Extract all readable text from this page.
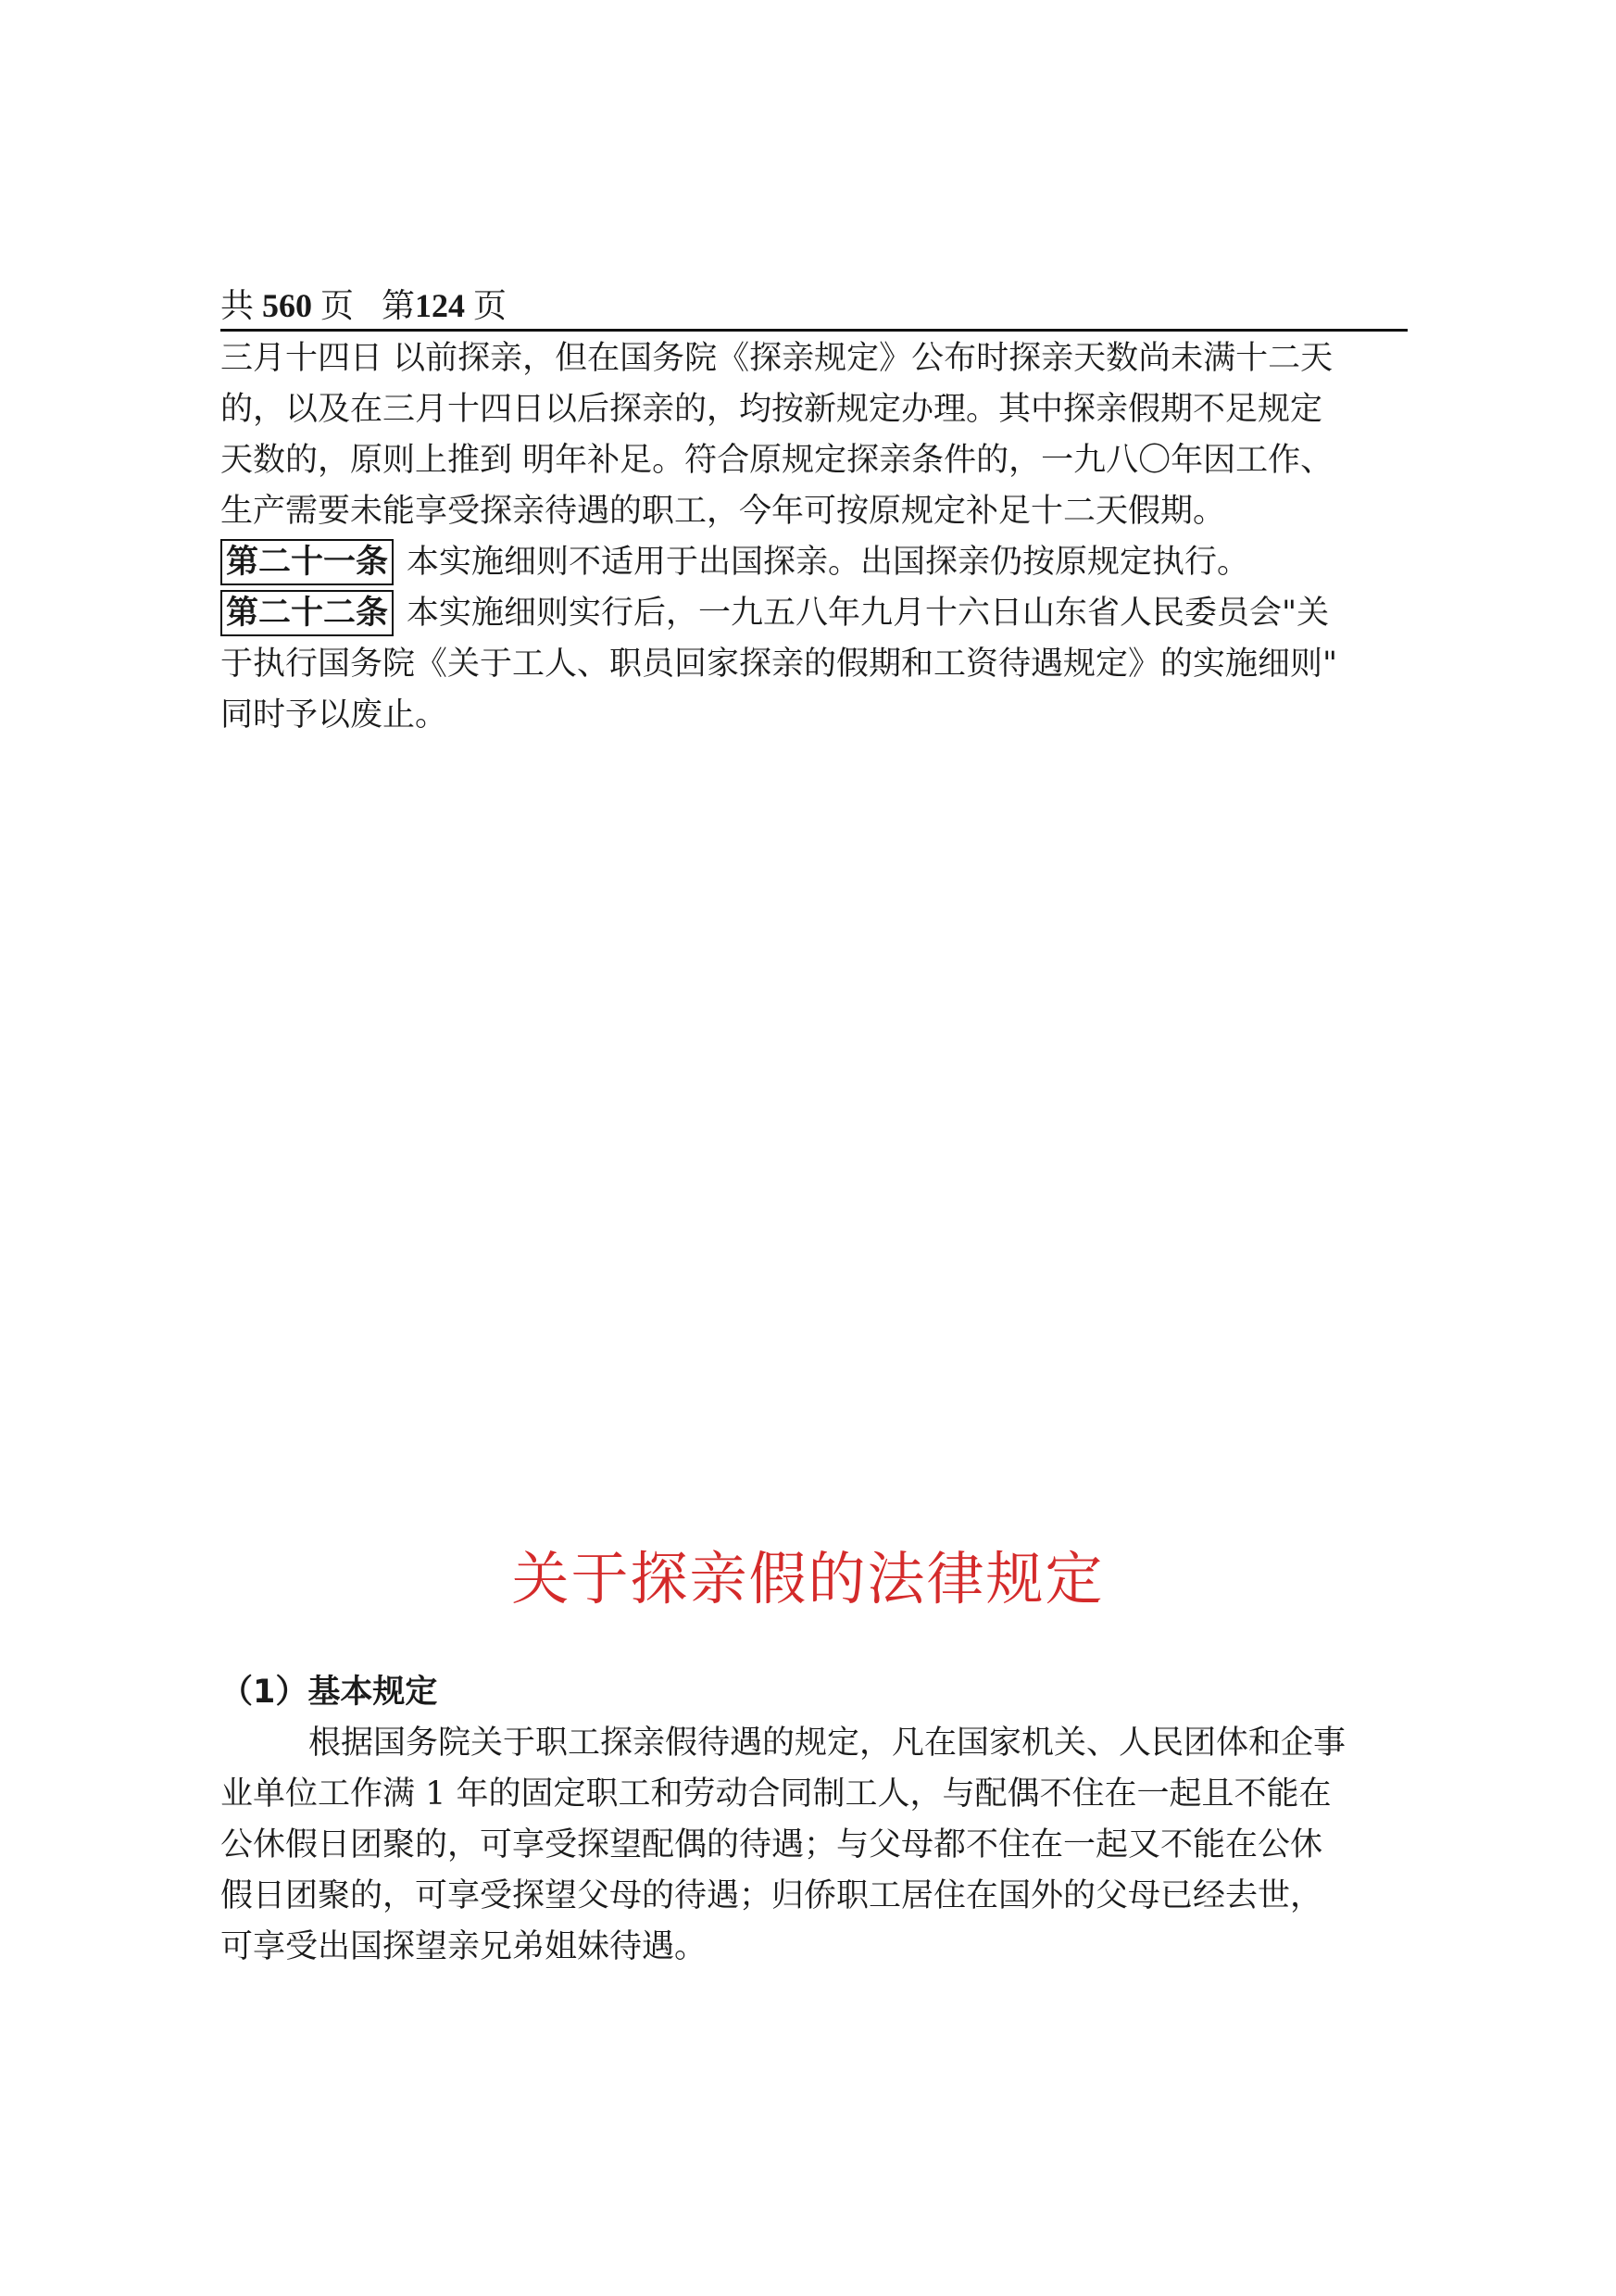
共 560 页 第124 页
三月十四日 以前探亲，但在国务院《探亲规定》公布时探亲天数尚未满十二天
的，以及在三月十四日以后探亲的，均按新规定办理。其中探亲假期不足规定
天数的，原则上推到 明年补足。符合原规定探亲条件的，一九八〇年因工作、
生产需要未能享受探亲待遇的职工，今年可按原规定补足十二天假期。
第二十一条 本实施细则不适用于出国探亲。出国探亲仍按原规定执行。
第二十二条 本实施细则实行后，一九五八年九月十六日山东省人民委员会"关
于执行国务院《关于工人、职员回家探亲的假期和工资待遇规定》的实施细则"
同时予以废止。
关于探亲假的法律规定
（1）基本规定
根据国务院关于职工探亲假待遇的规定，凡在国家机关、人民团体和企事
业单位工作满 1 年的固定职工和劳动合同制工人，与配偶不住在一起且不能在
公休假日团聚的，可享受探望配偶的待遇；与父母都不住在一起又不能在公休
假日团聚的，可享受探望父母的待遇；归侨职工居住在国外的父母已经去世，
可享受出国探望亲兄弟姐妹待遇。
